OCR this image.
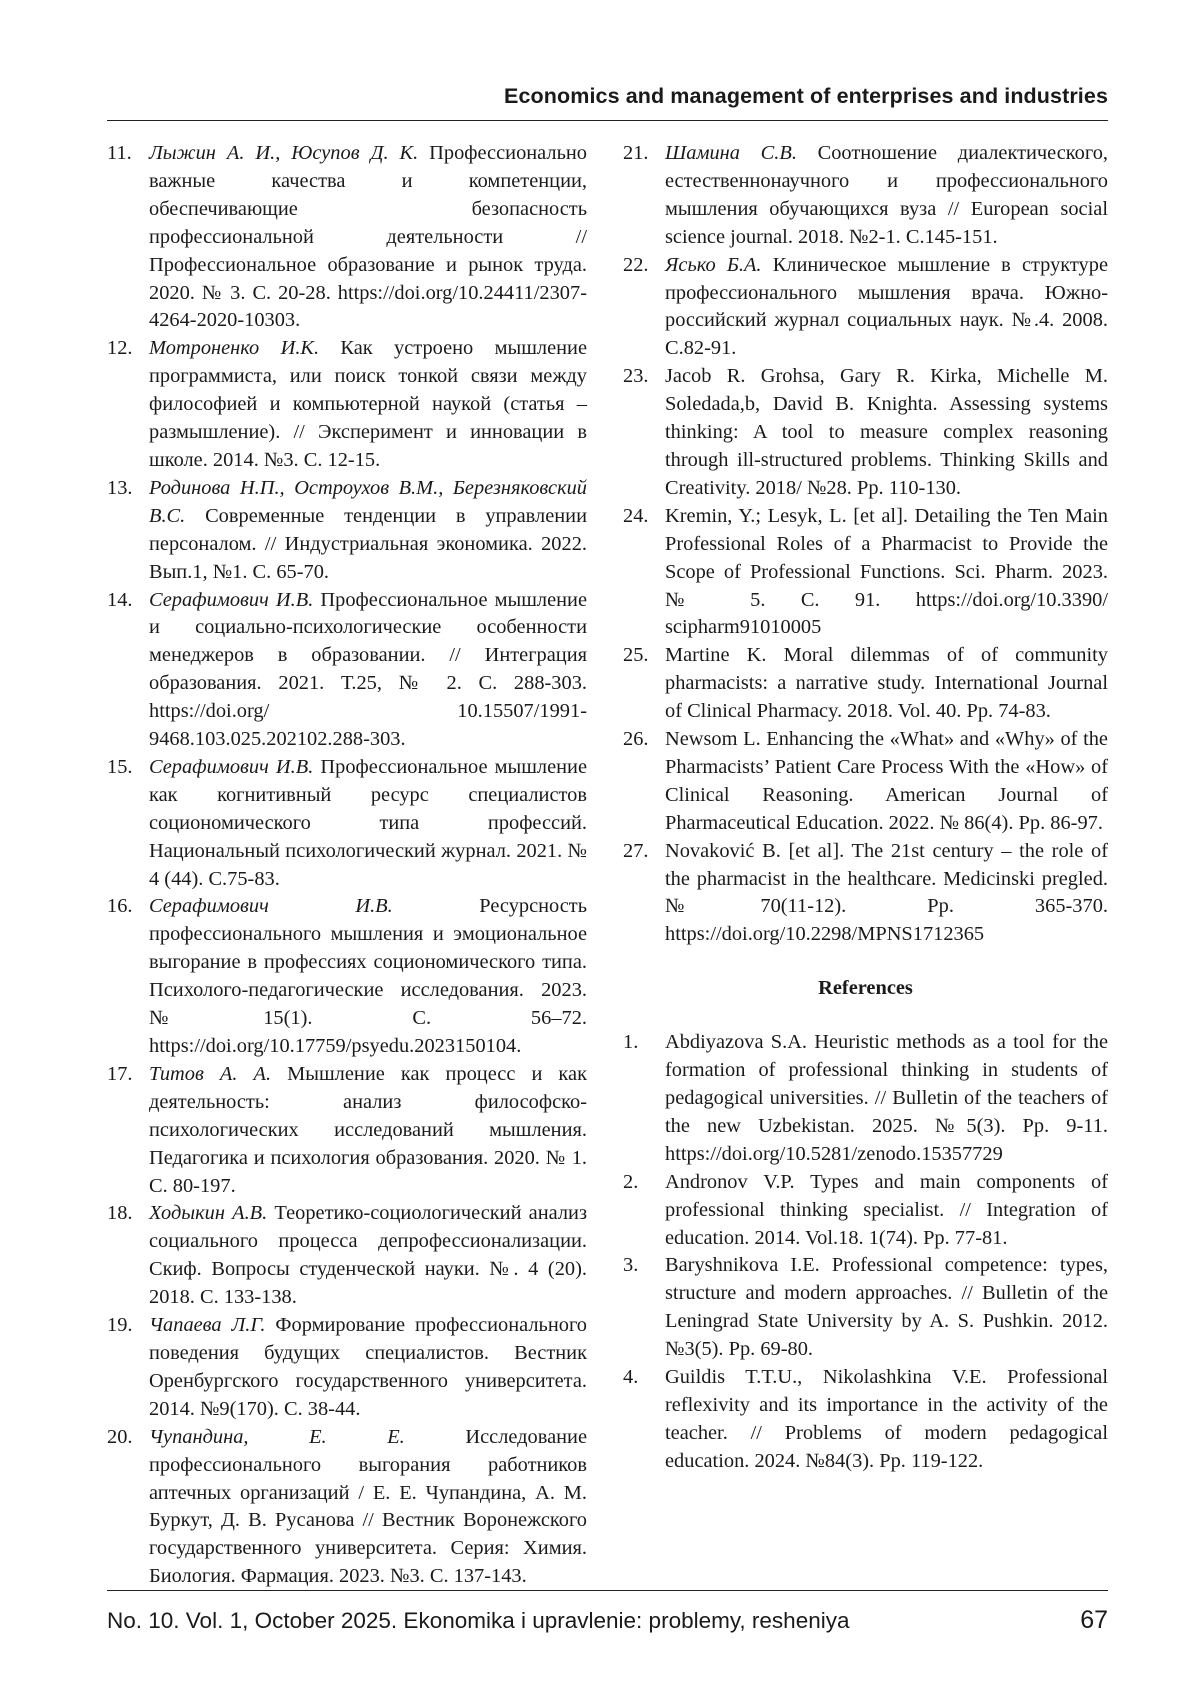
Economics and management of enterprises and industries
11. Лыжин А. И., Юсупов Д. К. Профессионально важные качества и компетенции, обеспечивающие безопасность профессиональной деятельности // Профессиональное образование и рынок труда. 2020. № 3. С. 20-28. https://doi.org/10.24411/2307-4264-2020-10303.
12. Мотроненко И.К. Как устроено мышление программиста, или поиск тонкой связи между философией и компьютерной наукой (статья – размышление). // Эксперимент и инновации в школе. 2014. №3. С. 12-15.
13. Родинова Н.П., Остроухов В.М., Березняковский В.С. Современные тенденции в управлении персоналом. // Индустриальная экономика. 2022. Вып.1, №1. С. 65-70.
14. Серафимович И.В. Профессиональное мышление и социально-психологические особенности менеджеров в образовании. // Интеграция образования. 2021. Т.25, № 2. С. 288-303. https://doi.org/ 10.15507/1991-9468.103.025.202102.288-303.
15. Серафимович И.В. Профессиональное мышление как когнитивный ресурс специалистов социономического типа профессий. Национальный психологический журнал. 2021. № 4 (44). С.75-83.
16. Серафимович И.В. Ресурсность профессионального мышления и эмоциональное выгорание в профессиях социономического типа. Психолого-педагогические исследования. 2023. №15(1). С. 56–72. https://doi.org/10.17759/psyedu.2023150104.
17. Титов А. А. Мышление как процесс и как деятельность: анализ философско-психологических исследований мышления. Педагогика и психология образования. 2020. № 1. С. 80-197.
18. Ходыкин А.В. Теоретико-социологический анализ социального процесса депрофессионализации. Скиф. Вопросы студенческой науки. №. 4 (20). 2018. С. 133-138.
19. Чапаева Л.Г. Формирование профессионального поведения будущих специалистов. Вестник Оренбургского государственного университета. 2014. №9(170). С. 38-44.
20. Чупандина, Е. Е. Исследование профессионального выгорания работников аптечных организаций / Е. Е. Чупандина, А. М. Буркут, Д. В. Русанова // Вестник Воронежского государственного университета. Серия: Химия. Биология. Фармация. 2023. №3. С. 137-143.
21. Шамина С.В. Соотношение диалектического, естественнонаучного и профессионального мышления обучающихся вуза // European social science journal. 2018. №2-1. С.145-151.
22. Ясько Б.А. Клиническое мышление в структуре профессионального мышления врача. Южно-российский журнал социальных наук. №.4. 2008. С.82-91.
23. Jacob R. Grohsa, Gary R. Kirka, Michelle M. Soledada,b, David B. Knighta. Assessing systems thinking: A tool to measure complex reasoning through ill-structured problems. Thinking Skills and Creativity. 2018/ №28. Pp. 110-130.
24. Kremin, Y.; Lesyk, L. [et al]. Detailing the Ten Main Professional Roles of a Pharmacist to Provide the Scope of Professional Functions. Sci. Pharm. 2023. № 5. С. 91. https://doi.org/10.3390/ scipharm91010005
25. Martine K. Moral dilemmas of of community pharmacists: a narrative study. International Journal of Clinical Pharmacy. 2018. Vol. 40. Pp. 74-83.
26. Newsom L. Enhancing the «What» and «Why» of the Pharmacists’ Patient Care Process With the «How» of Clinical Reasoning. American Journal of Pharmaceutical Education. 2022. № 86(4). Pp. 86-97.
27. Novaković B. [et al]. The 21st century – the role of the pharmacist in the healthcare. Medicinski pregled. №70(11-12). Pp. 365-370. https://doi.org/10.2298/MPNS1712365
References
1. Abdiyazova S.A. Heuristic methods as a tool for the formation of professional thinking in students of pedagogical universities. // Bulletin of the teachers of the new Uzbekistan. 2025. №5(3). Pp. 9-11. https://doi.org/10.5281/zenodo.15357729
2. Andronov V.P. Types and main components of professional thinking specialist. // Integration of education. 2014. Vol.18. 1(74). Pp. 77-81.
3. Baryshnikova I.E. Professional competence: types, structure and modern approaches. // Bulletin of the Leningrad State University by A. S. Pushkin. 2012. №3(5). Pp. 69-80.
4. Guildis T.T.U., Nikolashkina V.E. Professional reflexivity and its importance in the activity of the teacher. // Problems of modern pedagogical education. 2024. №84(3). Pp. 119-122.
No. 10. Vol. 1, October 2025. Ekonomika i upravlenie: problemy, resheniya	67
